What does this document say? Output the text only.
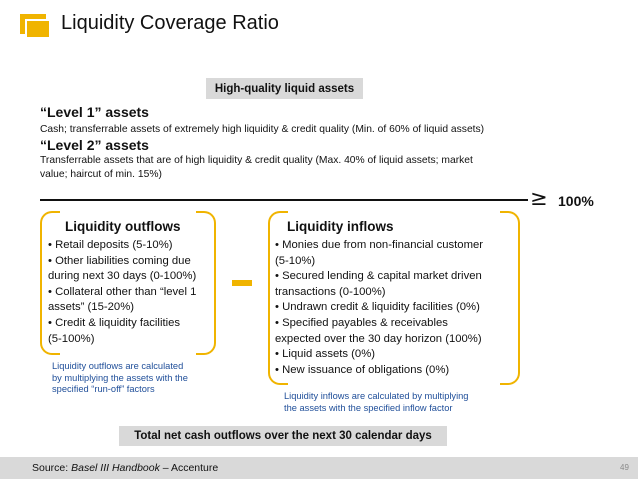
Liquidity Coverage Ratio
High-quality liquid assets
“Level 1” assets
Cash; transferrable assets of extremely high liquidity & credit quality (Min. of 60% of liquid assets)
“Level 2” assets
Transferrable assets that are of high liquidity & credit quality (Max. 40% of liquid assets; market
value; haircut of min. 15%)
≥ 100%
Liquidity outflows
• Retail deposits (5-10%)
• Other liabilities coming due
during next 30 days (0-100%)
• Collateral other than “level 1
assets” (15-20%)
• Credit & liquidity facilities
(5-100%)
Liquidity outflows are calculated
by multiplying the assets with the
specified “run-off” factors
Liquidity inflows
• Monies due from non-financial customer
(5-10%)
• Secured lending & capital market driven
transactions (0-100%)
• Undrawn credit & liquidity facilities (0%)
• Specified payables & receivables
expected over the 30 day horizon (100%)
• Liquid assets (0%)
• New issuance of obligations (0%)
Liquidity inflows are calculated by multiplying
the assets with the specified inflow factor
Total net cash outflows over the next 30 calendar days
Source: Basel III Handbook – Accenture	49
